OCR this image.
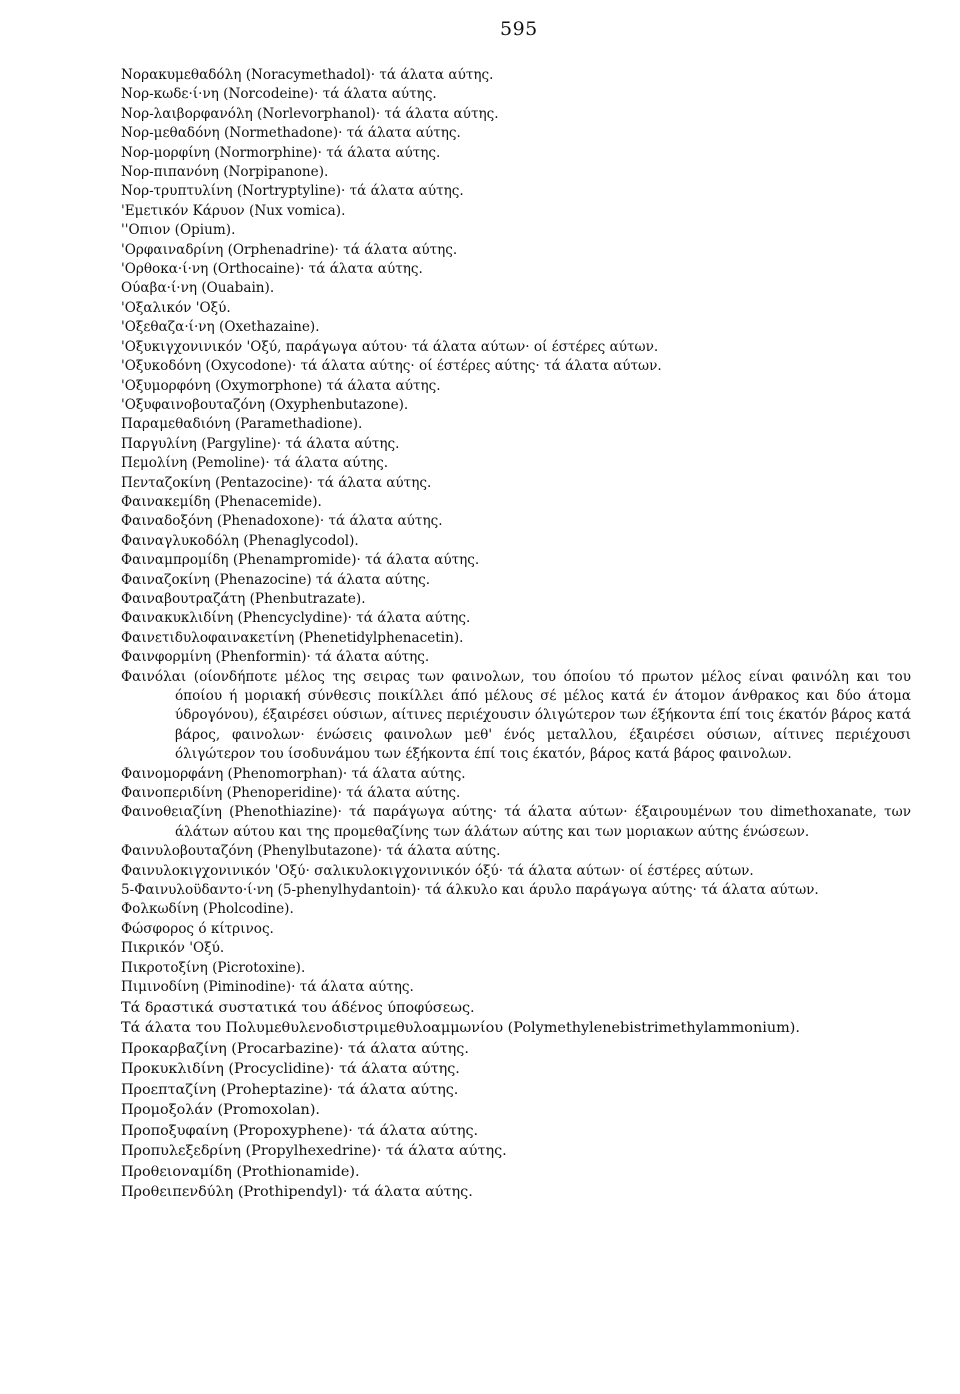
595
Νορακυμεθαδόλη (Noracymethadol)· τά άλατα αύτης.
Νορ-κωδε·ί·νη (Norcodeine)· τά άλατα αύτης.
Νορ-λαιβορφανόλη (Norlevorphanol)· τά άλατα αύτης.
Νορ-μεθαδόνη (Normethadone)· τά άλατα αύτης.
Νορ-μορφίνη (Normorphine)· τά άλατα αύτης.
Νορ-πιπανόνη (Norpipanone).
Νορ-τρυπτυλίνη (Nortryptyline)· τά άλατα αύτης.
'Εμετικόν Κάρυον (Nux vomica).
''Οπιον (Opium).
'Ορφαιναδρίνη (Orphenadrine)· τά άλατα αύτης.
'Ορθοκα·ί·νη (Orthocaine)· τά άλατα αύτης.
Ούαβα·ί·νη (Ouabain).
'Οξαλικόν 'Οξύ.
'Οξεθαζα·ί·νη (Oxethazaine).
'Οξυκιγχονινικόν 'Οξύ, παράγωγα αύτου· τά άλατα αύτων· οί έστέρες αύτων.
'Οξυκοδόνη (Oxycodone)· τά άλατα αύτης· οί έστέρες αύτης· τά άλατα αύτων.
'Οξυμορφόνη (Oxymorphone) τά άλατα αύτης.
'Οξυφαινοβουταζόνη (Oxyphenbutazone).
Παραμεθαδιόνη (Paramethadione).
Παργυλίνη (Pargyline)· τά άλατα αύτης.
Πεμολίνη (Pemoline)· τά άλατα αύτης.
Πενταζοκίνη (Pentazocine)· τά άλατα αύτης.
Φαινακεμίδη (Phenacemide).
Φαιναδοξόνη (Phenadoxone)· τά άλατα αύτης.
Φαιναγλυκοδόλη (Phenaglycodol).
Φαιναμπρομίδη (Phenampromide)· τά άλατα αύτης.
Φαιναζοκίνη (Phenazocine) τά άλατα αύτης.
Φαιναβουτραζάτη (Phenbutrazate).
Φαινακυκλιδίνη (Phencyclydine)· τά άλατα αύτης.
Φαινετιδυλοφαινακετίνη (Phenetidylphenacetin).
Φαινφορμίνη (Phenformin)· τά άλατα αύτης.
Φαινόλαι (οίονδήποτε μέλος της σειρας των φαινολων, του όποίου τό πρωτον μέλος είναι φαινόλη και του όποίου ή μοριακή σύνθεσις ποικίλλει άπό μέλους σέ μέλος κατά έν άτομον άνθρακος και δύο άτομα ύδρογόνου), έξαιρέσει ούσιων, αίτινες περιέχουσιν όλιγώτερον των έξήκοντα έπί τοις έκατόν βάρος κατά βάρος, φαινολων· ένώσεις φαινολων μεθ' ένός μεταλλου, έξαιρέσει ούσιων, αίτινες περιέχουσι όλιγώτερον του ίσοδυνάμου των έξήκοντα έπί τοις έκατόν, βάρος κατά βάρος φαινολων.
Φαινομορφάνη (Phenomorphan)· τά άλατα αύτης.
Φαινοπεριδίνη (Phenoperidine)· τά άλατα αύτης.
Φαινοθειαζίνη (Phenothiazine)· τά παράγωγα αύτης· τά άλατα αύτων· έξαιρουμένων του dimethoxanate, των άλάτων αύτου και της προμεθαζίνης των άλάτων αύτης και των μοριακων αύτης ένώσεων.
Φαινυλοβουταζόνη (Phenylbutazone)· τά άλατα αύτης.
Φαινυλοκιγχονινικόν 'Οξύ· σαλικυλοκιγχονινικόν όξύ· τά άλατα αύτων· οί έστέρες αύτων.
5-Φαινυλοϋδαντο·ί·νη (5-phenylhydantoin)· τά άλκυλο και άρυλο παράγωγα αύτης· τά άλατα αύτων.
Φολκωδίνη (Pholcodine).
Φώσφορος ό κίτρινος.
Πικρικόν 'Οξύ.
Πικροτοξίνη (Picrotoxine).
Πιμινοδίνη (Piminodine)· τά άλατα αύτης.
Τά δραστικά συστατικά του άδένος ύποφύσεως.
Τά άλατα του Πολυμεθυλενοδιστριμεθυλοαμμωνίου (Polymethylenebistrimethylammonium).
Προκαρβαζίνη (Procarbazine)· τά άλατα αύτης.
Προκυκλιδίνη (Procyclidine)· τά άλατα αύτης.
Προεπταζίνη (Proheptazine)· τά άλατα αύτης.
Προμοξολάν (Promoxolan).
Προποξυφαίνη (Propoxyphene)· τά άλατα αύτης.
Προπυλεξεδρίνη (Propylhexedrine)· τά άλατα αύτης.
Προθειοναμίδη (Prothionamide).
Προθειπενδύλη (Prothipendyl)· τά άλατα αύτης.
